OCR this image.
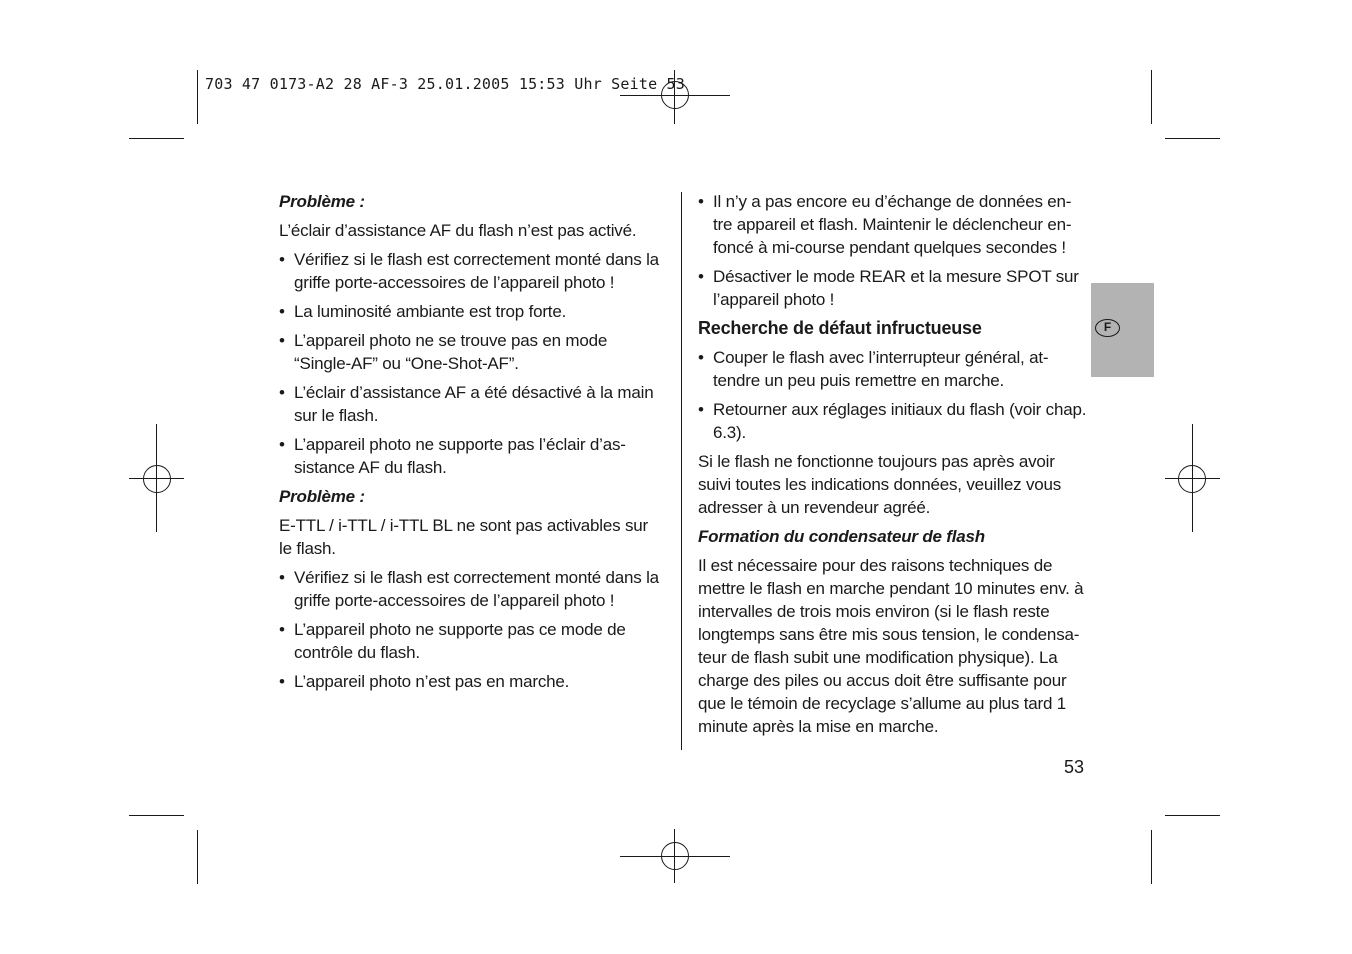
703 47 0173-A2 28 AF-3 25.01.2005 15:53 Uhr Seite 53

Problème :

L’éclair d’assistance AF du flash n’est pas activé.

• Vérifiez si le flash est correctement monté dans la griffe porte-accessoires de l’appareil photo !
• La luminosité ambiante est trop forte.
• L’appareil photo ne se trouve pas en mode “Single-AF” ou “One-Shot-AF”.
• L’éclair d’assistance AF a été désactivé à la main sur le flash.
• L’appareil photo ne supporte pas l’éclair d’as-sistance AF du flash.

Problème :

E-TTL / i-TTL / i-TTL BL ne sont pas activables sur le flash.

• Vérifiez si le flash est correctement monté dans la griffe porte-accessoires de l’appareil photo !
• L’appareil photo ne supporte pas ce mode de contrôle du flash.
• L’appareil photo n’est pas en marche.
• Il n’y a pas encore eu d’échange de données en-tre appareil et flash. Maintenir le déclencheur en-foncé à mi-course pendant quelques secondes !
• Désactiver le mode REAR et la mesure SPOT sur l’appareil photo !

Recherche de défaut infructueuse

• Couper le flash avec l’interrupteur général, at-tendre un peu puis remettre en marche.
• Retourner aux réglages initiaux du flash (voir chap. 6.3).

Si le flash ne fonctionne toujours pas après avoir suivi toutes les indications données, veuillez vous adresser à un revendeur agréé.

Formation du condensateur de flash

Il est nécessaire pour des raisons techniques de mettre le flash en marche pendant 10 minutes env. à intervalles de trois mois environ (si le flash reste longtemps sans être mis sous tension, le condensa-teur de flash subit une modification physique). La charge des piles ou accus doit être suffisante pour que le témoin de recyclage s’allume au plus tard 1 minute après la mise en marche.

F
53
